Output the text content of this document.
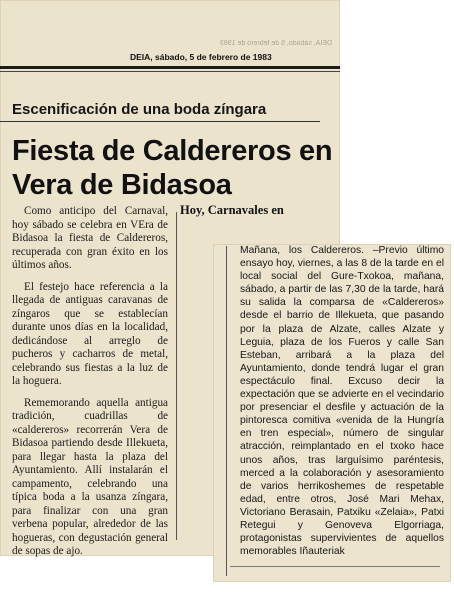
DEIA, sábado, 5 de febrero de 1983
DEIA, sábado, 5 de febrero de 1983
Escenificación de una boda zíngara
Fiesta de Caldereros en Vera de Bidasoa

Como anticipo del Carnaval, hoy sábado se celebra en VEra de Bidasoa la fiesta de Caldereros, recuperada con gran éxito en los últimos años.

El festejo hace referencia a la llegada de antiguas caravanas de zíngaros que se establecían durante unos días en la localidad, dedicándose al arreglo de pucheros y cacharros de metal, celebrando sus fiestas a la luz de la hoguera.

Rememorando aquella antigua tradición, cuadrillas de «caldereros» recorrerán Vera de Bidasoa partiendo desde Illekueta, para llegar hasta la plaza del Ayuntamiento. Allí instalarán el campamento, celebrando una típica boda a la usanza zíngara, para finalizar con una gran verbena popular, alrededor de las hogueras, con degustación general de sopas de ajo.

Hoy, Carnavales en

Mañana, los Caldereros. –Previo último ensayo hoy, viernes, a las 8 de la tarde en el local social del Gure-Txokoa, mañana, sábado, a partir de las 7,30 de la tarde, hará su salida la comparsa de «Caldereros» desde el barrio de Illekueta, que pasando por la plaza de Alzate, calles Alzate y Leguia, plaza de los Fueros y calle San Esteban, arribará a la plaza del Ayuntamiento, donde tendrá lugar el gran espectáculo final. Excuso decir la expectación que se advierte en el vecindario por presenciar el desfile y actuación de la pintoresca comitiva «venida de la Hungría en tren especial», número de singular atracción, reimplantado en el txoko hace unos años, tras larguísimo paréntesis, merced a la colaboración y asesoramiento de varios herrikoshemes de respetable edad, entre otros, José Mari Mehax, Victoriano Berasain, Patxiku «Zelaia», Patxi Retegui y Genoveva Elgorriaga, protagonistas supervivientes de aquellos memorables Iñauteriak
